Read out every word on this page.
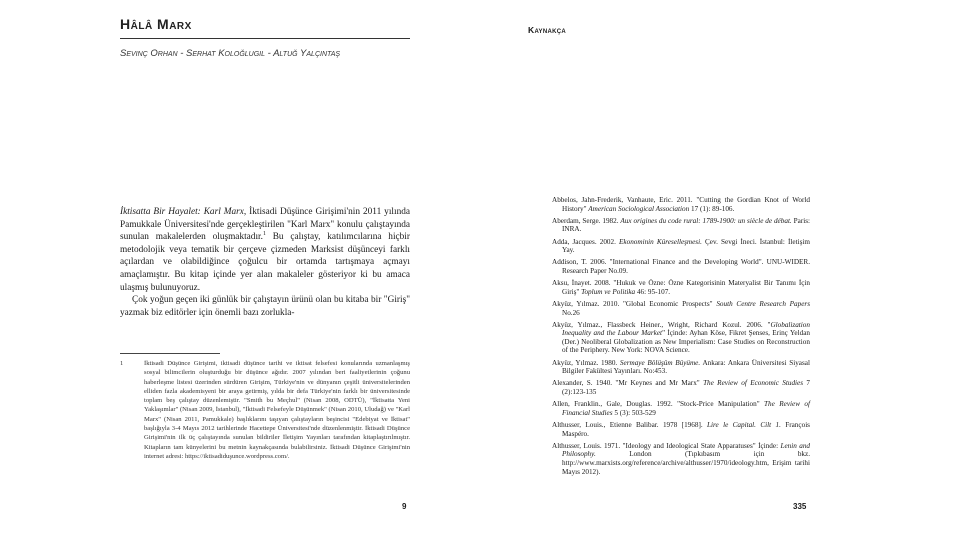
Hâlâ Marx
Sevinç Orhan - Serhat Koloğlugil - Altuğ Yalçıntaş

İktisatta Bir Hayalet: Karl Marx, İktisadi Düşünce Girişimi'nin 2011 yılında Pamukkale Üniversitesi'nde gerçekleştirilen "Karl Marx" konulu çalıştayında sunulan makalelerden oluşmaktadır.$^1$ Bu çalıştay, katılımcılarına hiçbir metodolojik veya tematik bir çerçeve çizmeden Marksist düşünceyi farklı açılardan ve olabildiğince çoğulcu bir ortamda tartışmaya açmayı amaçlamıştır. Bu kitap içinde yer alan makaleler gösteriyor ki bu amaca ulaşmış bulunuyoruz.

Çok yoğun geçen iki günlük bir çalıştayın ürünü olan bu kitaba bir "Giriş" yazmak biz editörler için önemli bazı zorlukla-

1	İktisadi Düşünce Girişimi, iktisadi düşünce tarihi ve iktisat felsefesi konularında uzmanlaşmış sosyal bilimcilerin oluşturduğu bir düşünce ağıdır. 2007 yılından beri faaliyetlerinin çoğunu haberleşme listesi üzerinden sürdüren Girişim, Türkiye'nin ve dünyanın çeşitli üniversitelerinden elliden fazla akademisyeni bir araya getirmiş, yılda bir defa Türkiye'nin farklı bir üniversitesinde toplam beş çalıştay düzenlemiştir. "Smith bu Meçhul" (Nisan 2008, ODTÜ), "İktisatta Yeni Yaklaşımlar" (Nisan 2009, İstanbul), "İktisadi Felsefeyle Düşünmek" (Nisan 2010, Uludağ) ve "Karl Marx" (Nisan 2011, Pamukkale) başlıklarını taşıyan çalıştayların beşincisi "Edebiyat ve İktisat" başlığıyla 3-4 Mayıs 2012 tarihlerinde Hacettepe Üniversitesi'nde düzenlenmiştir. İktisadi Düşünce Girişimi'nin ilk üç çalıştayında sunulan bildiriler İletişim Yayınları tarafından kitaplaştırılmıştır. Kitapların tam künyelerini bu metnin kaynakçasında bulabilirsiniz. İktisadi Düşünce Girişimi'nin internet adresi: https://iktisadiduşunce.wordpress.com/.
9
Kaynakça
Abbelos, Jahn-Frederik, Vanhaute, Eric. 2011. "Cutting the Gordian Knot of World History" American Sociological Association 17 (1): 89-106.
Aberdam, Serge. 1982. Aux origines du code rural: 1789-1900: un siècle de débat. Paris: INRA.
Adda, Jacques. 2002. Ekonominin Küreselleşmesi. Çev. Sevgi İneci. İstanbul: İletişim Yay.
Addison, T. 2006. "International Finance and the Developing World". UNU-WIDER. Research Paper No.09.
Aksu, İnayet. 2008. "Hukuk ve Özne: Özne Kategorisinin Materyalist Bir Tanımı İçin Giriş" Toplum ve Politika 46: 95-107.
Akyüz, Yılmaz. 2010. "Global Economic Prospects" South Centre Research Papers No.26
Akyüz, Yılmaz., Flassbeck Heiner., Wright, Richard Kozul. 2006. "Globalization Inequality and the Labour Market" İçinde: Ayhan Köse, Fikret Şenses, Erinç Yeldan (Der.) Neoliberal Globalization as New Imperialism: Case Studies on Reconstruction of the Periphery. New York: NOVA Science.
Akyüz, Yılmaz. 1980. Sermaye Bölüşüm Büyüme. Ankara: Ankara Üniversitesi Siyasal Bilgiler Fakültesi Yayınları. No:453.
Alexander, S. 1940. "Mr Keynes and Mr Marx" The Review of Economic Studies 7 (2):123-135
Allen, Franklin., Gale, Douglas. 1992. "Stock-Price Manipulation" The Review of Financial Studies 5 (3): 503-529
Althusser, Louis., Etienne Balibar. 1978 [1968]. Lire le Capital. Cilt 1. François Maspéro.
Althusser, Louis. 1971. "Ideology and Ideological State Apparatuses" İçinde: Lenin and Philosophy. London (Tıpkıbasım için bkz. http://www.marxists.org/reference/archive/althusser/1970/ideology.htm, Erişim tarihi Mayıs 2012).
335
